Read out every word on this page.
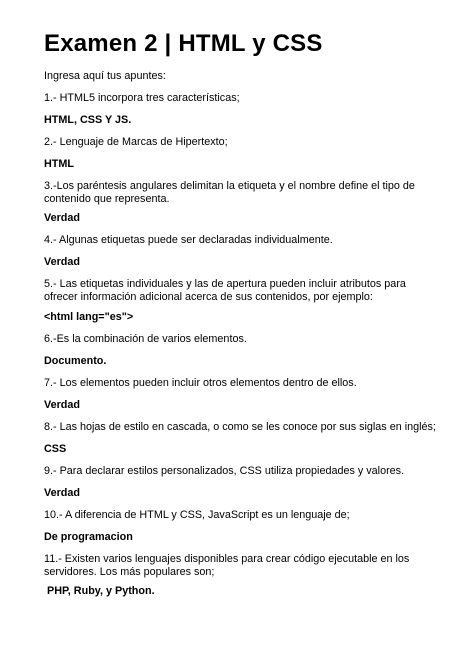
Examen 2 | HTML y CSS
Ingresa aquí tus apuntes:
1.- HTML5 incorpora tres características;
HTML, CSS Y JS.
2.- Lenguaje de Marcas de Hipertexto;
HTML
3.-Los paréntesis angulares delimitan la etiqueta y el nombre define el tipo de contenido que representa.
Verdad
4.- Algunas etiquetas puede ser declaradas individualmente.
Verdad
5.- Las etiquetas individuales y las de apertura pueden incluir atributos para ofrecer información adicional acerca de sus contenidos, por ejemplo:
<html lang="es">
6.-Es la combinación de varios elementos.
Documento.
7.- Los elementos pueden incluir otros elementos dentro de ellos.
Verdad
8.- Las hojas de estilo en cascada, o como se les conoce por sus siglas en inglés;
CSS
9.- Para declarar estilos personalizados, CSS utiliza propiedades y valores.
Verdad
10.- A diferencia de HTML y CSS, JavaScript es un lenguaje de;
De programacion
11.- Existen varios lenguajes disponibles para crear código ejecutable en los servidores. Los más populares son;
PHP, Ruby, y Python.
